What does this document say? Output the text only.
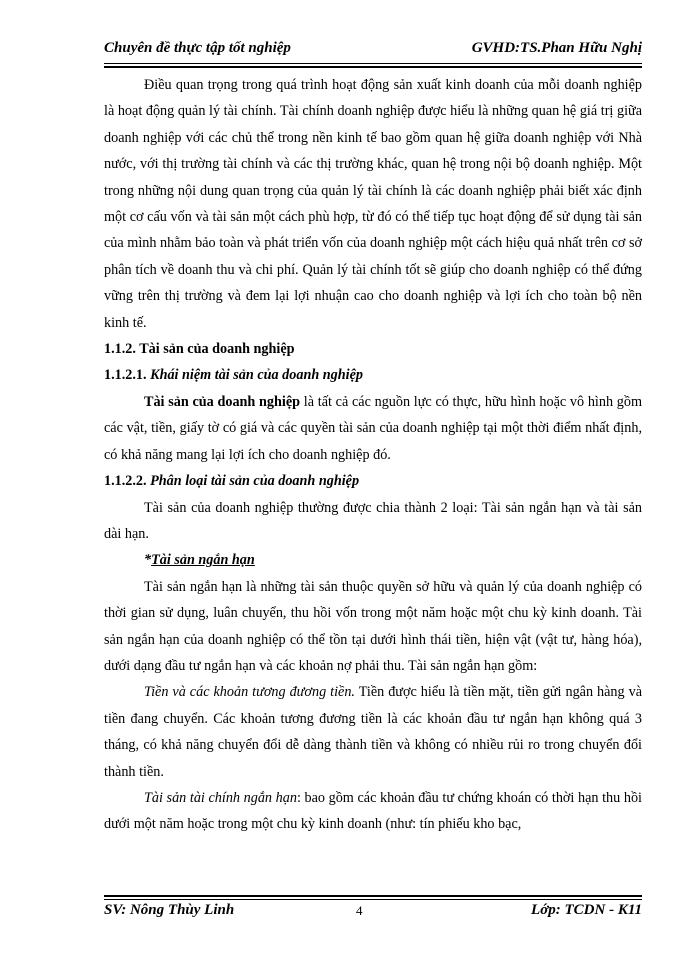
Chuyên đề thực tập tốt nghiệp	GVHD:TS.Phan Hữu Nghị

Điều quan trọng trong quá trình hoạt động sản xuất kinh doanh của mỗi doanh nghiệp là hoạt động quản lý tài chính. Tài chính doanh nghiệp được hiểu là những quan hệ giá trị giữa doanh nghiệp với các chủ thể trong nền kinh tế bao gồm quan hệ giữa doanh nghiệp với Nhà nước, với thị trường tài chính và các thị trường khác, quan hệ trong nội bộ doanh nghiệp. Một trong những nội dung quan trọng của quản lý tài chính là các doanh nghiệp phải biết xác định một cơ cấu vốn và tài sản một cách phù hợp, từ đó có thể tiếp tục hoạt động để sử dụng tài sản của mình nhằm bảo toàn và phát triển vốn của doanh nghiệp một cách hiệu quả nhất trên cơ sở phân tích về doanh thu và chi phí. Quản lý tài chính tốt sẽ giúp cho doanh nghiệp có thể đứng vững trên thị trường và đem lại lợi nhuận cao cho doanh nghiệp và lợi ích cho toàn bộ nền kinh tế.

1.1.2. Tài sản của doanh nghiệp

1.1.2.1. Khái niệm tài sản của doanh nghiệp

Tài sản của doanh nghiệp là tất cả các nguồn lực có thực, hữu hình hoặc vô hình gồm các vật, tiền, giấy tờ có giá và các quyền tài sản của doanh nghiệp tại một thời điểm nhất định, có khả năng mang lại lợi ích cho doanh nghiệp đó.

1.1.2.2. Phân loại tài sản của doanh nghiệp

Tài sản của doanh nghiệp thường được chia thành 2 loại: Tài sản ngắn hạn và tài sản dài hạn.

*Tài sản ngắn hạn

Tài sản ngắn hạn là những tài sản thuộc quyền sở hữu và quản lý của doanh nghiệp có thời gian sử dụng, luân chuyển, thu hồi vốn trong một năm hoặc một chu kỳ kinh doanh. Tài sản ngắn hạn của doanh nghiệp có thể tồn tại dưới hình thái tiền, hiện vật (vật tư, hàng hóa), dưới dạng đầu tư ngắn hạn và các khoản nợ phải thu. Tài sản ngắn hạn gồm:

Tiền và các khoản tương đương tiền. Tiền được hiểu là tiền mặt, tiền gửi ngân hàng và tiền đang chuyển. Các khoản tương đương tiền là các khoản đầu tư ngắn hạn không quá 3 tháng, có khả năng chuyển đổi dễ dàng thành tiền và không có nhiều rủi ro trong chuyển đổi thành tiền.

Tài sản tài chính ngắn hạn: bao gồm các khoản đầu tư chứng khoán có thời hạn thu hồi dưới một năm hoặc trong một chu kỳ kinh doanh (như: tín phiếu kho bạc,

SV: Nông Thùy Linh	4	Lớp: TCDN - K11
